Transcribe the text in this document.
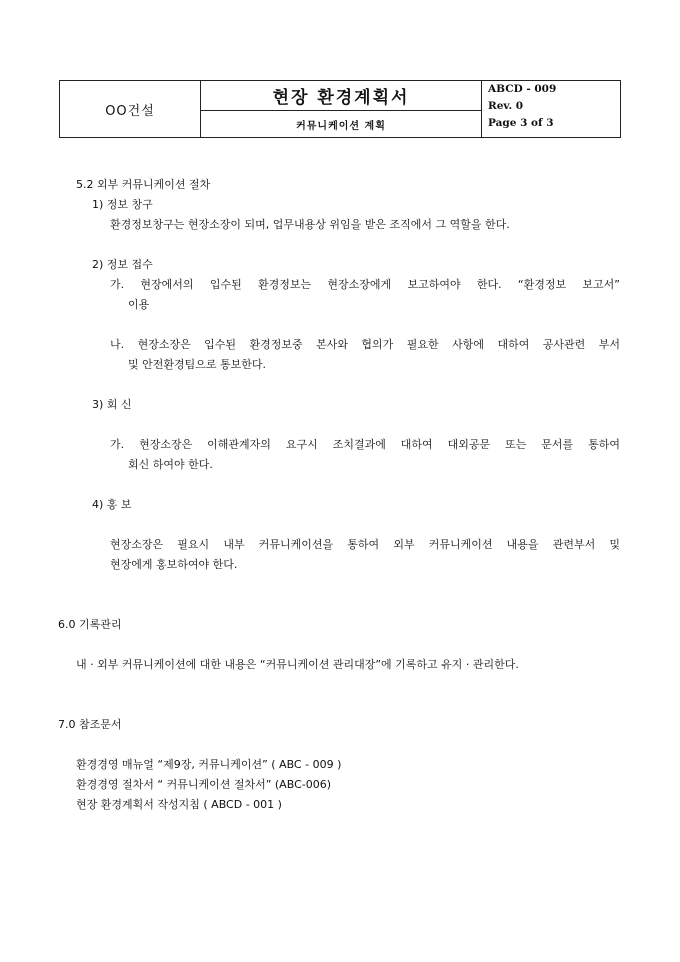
OO건설	현장 환경계획서	ABCD - 009
Rev. 0
Page 3 of 3

커뮤니케이션 계획
5.2 외부 커뮤니케이션 절차
1) 정보 창구
환경정보창구는 현장소장이 되며, 업무내용상 위임을 받은 조직에서 그 역할을 한다.
2) 정보 접수
가. 현장에서의 입수된 환경정보는 현장소장에게 보고하여야 한다. “환경정보 보고서”
이용
나. 현장소장은 입수된 환경정보중 본사와 협의가 필요한 사항에 대하여 공사관련 부서
및 안전환경팀으로 통보한다.
3) 회 신
가. 현장소장은 이해관계자의 요구시 조치결과에 대하여 대외공문 또는 문서를 통하여
회신 하여야 한다.
4) 홍 보
현장소장은 필요시 내부 커뮤니케이션을 통하여 외부 커뮤니케이션 내용을 관련부서 및
현장에게 홍보하여야 한다.
6.0 기록관리
내 · 외부 커뮤니케이션에 대한 내용은 “커뮤니케이션 관리대장”에 기록하고 유지 · 관리한다.
7.0 참조문서
환경경영 매뉴얼 “제9장, 커뮤니케이션” ( ABC - 009 )
환경경영 절차서 “ 커뮤니케이션 절차서” (ABC-006)
현장 환경계획서 작성지침 ( ABCD - 001 )
